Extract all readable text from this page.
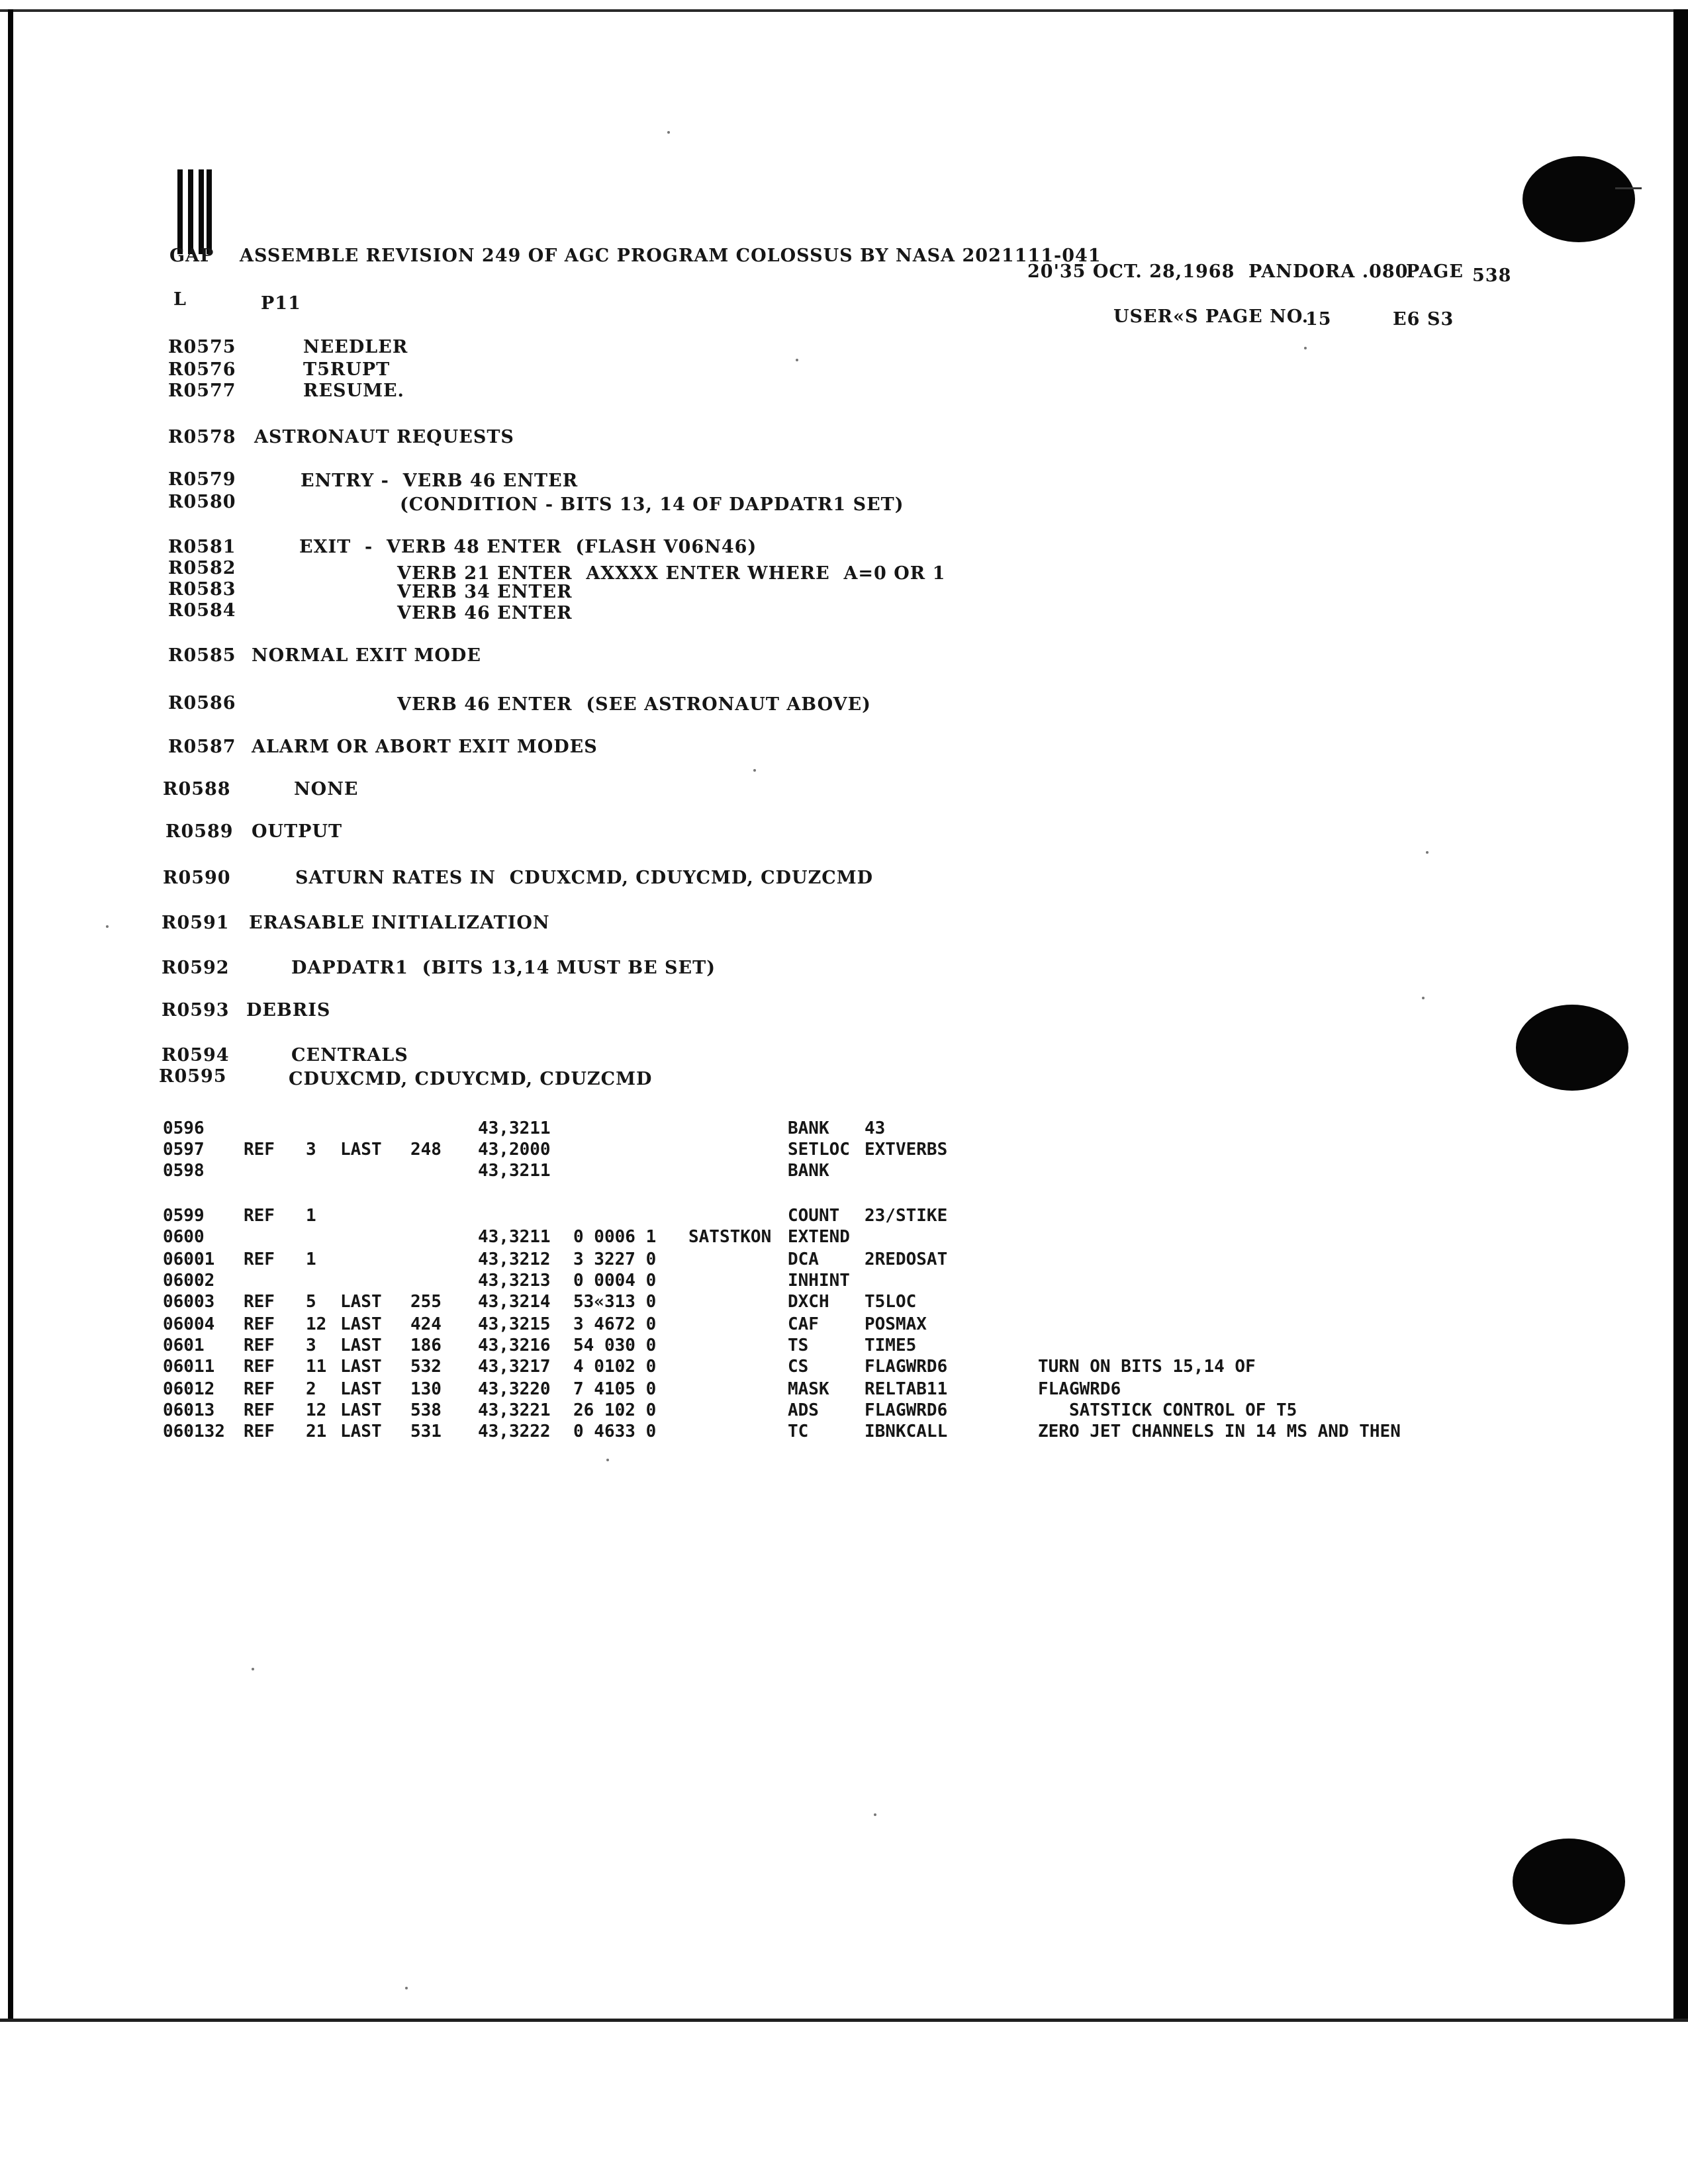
GAP ASSEMBLE REVISION 249 OF AGC PROGRAM COLOSSUS BY NASA 2021111-041
20'35 OCT. 28,1968 PANDORA .080
PAGE 538
L	P11
USER«S PAGE NO.
15	E6 S3
R0575	NEEDLER
R0576	T5RUPT
R0577	RESUME.
R0578 ASTRONAUT REQUESTS
R0579	ENTRY -  VERB 46 ENTER
R0580	(CONDITION - BITS 13, 14 OF DAPDATR1 SET)
R0581	EXIT  -  VERB 48 ENTER  (FLASH V06N46)
R0582	VERB 21 ENTER  AXXXX ENTER WHERE  A=0 OR 1
R0583	VERB 34 ENTER
R0584	VERB 46 ENTER
R0585 NORMAL EXIT MODE
R0586	VERB 46 ENTER  (SEE ASTRONAUT ABOVE)
R0587 ALARM OR ABORT EXIT MODES
R0588	NONE
R0589 OUTPUT
R0590	SATURN RATES IN  CDUXCMD, CDUYCMD, CDUZCMD
R0591 ERASABLE INITIALIZATION
R0592	DAPDATR1  (BITS 13,14 MUST BE SET)
R0593 DEBRIS
R0594	CENTRALS
R0595	CDUXCMD, CDUYCMD, CDUZCMD
0596	43,3211	BANK 43
0597 REF 3 LAST 248 43,2000	SETLOC EXTVERBS
0598	43,3211	BANK
0599 REF 1	COUNT 23/STIKE
0600	43,3211 0 0006 1 SATSTKON EXTEND
06001 REF 1	43,3212 3 3227 0	DCA	2REDOSAT
06002	43,3213 0 0004 0	INHINT
06003 REF 5 LAST 255 43,3214 53«313 0	DXCH T5LOC
06004 REF 12 LAST 424 43,3215 3 4672 0	CAF	POSMAX
0601 REF 3 LAST 186 43,3216 54 030 0	TS	TIME5
06011 REF 11 LAST 532 43,3217 4 0102 0	CS	FLAGWRD6	TURN ON BITS 15,14 OF
06012 REF 2 LAST 130 43,3220 7 4105 0	MASK RELTAB11	FLAGWRD6
06013 REF 12 LAST 538 43,3221 26 102 0	ADS	FLAGWRD6	SATSTICK CONTROL OF T5
060132 REF 21 LAST 531 43,3222 0 4633 0	TC	IBNKCALL	ZERO JET CHANNELS IN 14 MS AND THEN
